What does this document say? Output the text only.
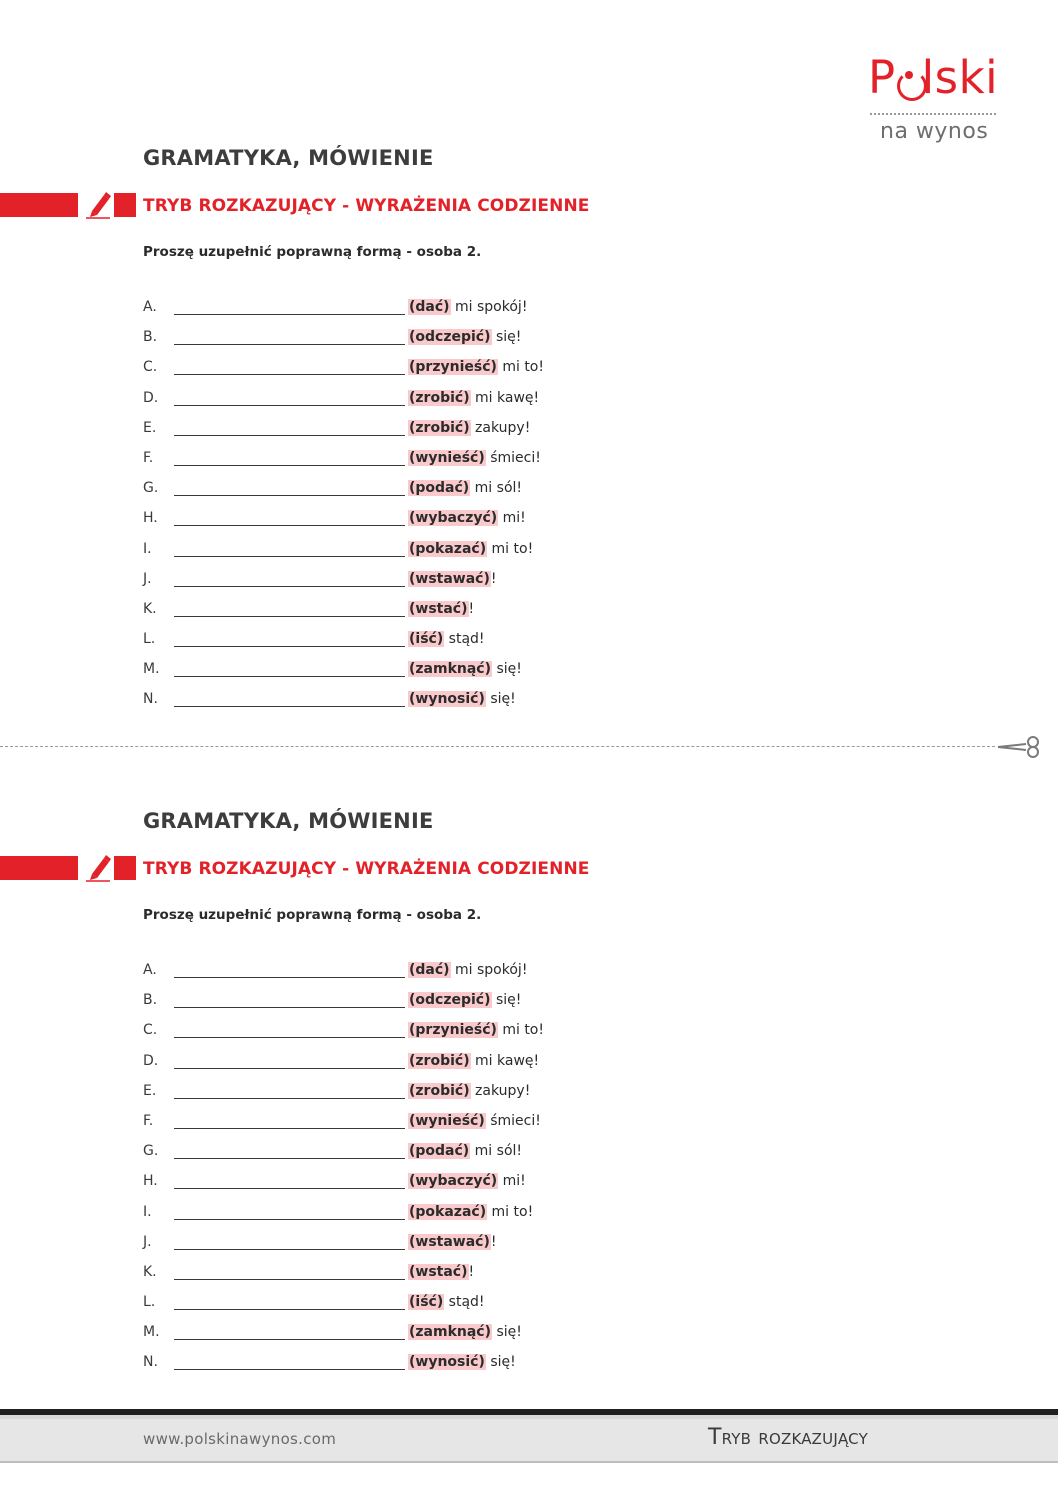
P lski
na wynos
GRAMATYKA, MÓWIENIE
TRYB ROZKAZUJĄCY - WYRAŻENIA CODZIENNE
Proszę uzupełnić poprawną formą - osoba 2.
A.	(dać) mi spokój!
B.	(odczepić) się!
C.	(przynieść) mi to!
D.	(zrobić) mi kawę!
E.	(zrobić) zakupy!
F.	(wynieść) śmieci!
G.	(podać) mi sól!
H.	(wybaczyć) mi!
I.	(pokazać) mi to!
J.	(wstawać)!
K.	(wstać)!
L.	(iść) stąd!
M.	(zamknąć) się!
N.	(wynosić) się!
GRAMATYKA, MÓWIENIE
TRYB ROZKAZUJĄCY - WYRAŻENIA CODZIENNE
Proszę uzupełnić poprawną formą - osoba 2.
A.	(dać) mi spokój!
B.	(odczepić) się!
C.	(przynieść) mi to!
D.	(zrobić) mi kawę!
E.	(zrobić) zakupy!
F.	(wynieść) śmieci!
G.	(podać) mi sól!
H.	(wybaczyć) mi!
I.	(pokazać) mi to!
J.	(wstawać)!
K.	(wstać)!
L.	(iść) stąd!
M.	(zamknąć) się!
N.	(wynosić) się!
www.polskinawynos.com	Tryb rozkazujący
